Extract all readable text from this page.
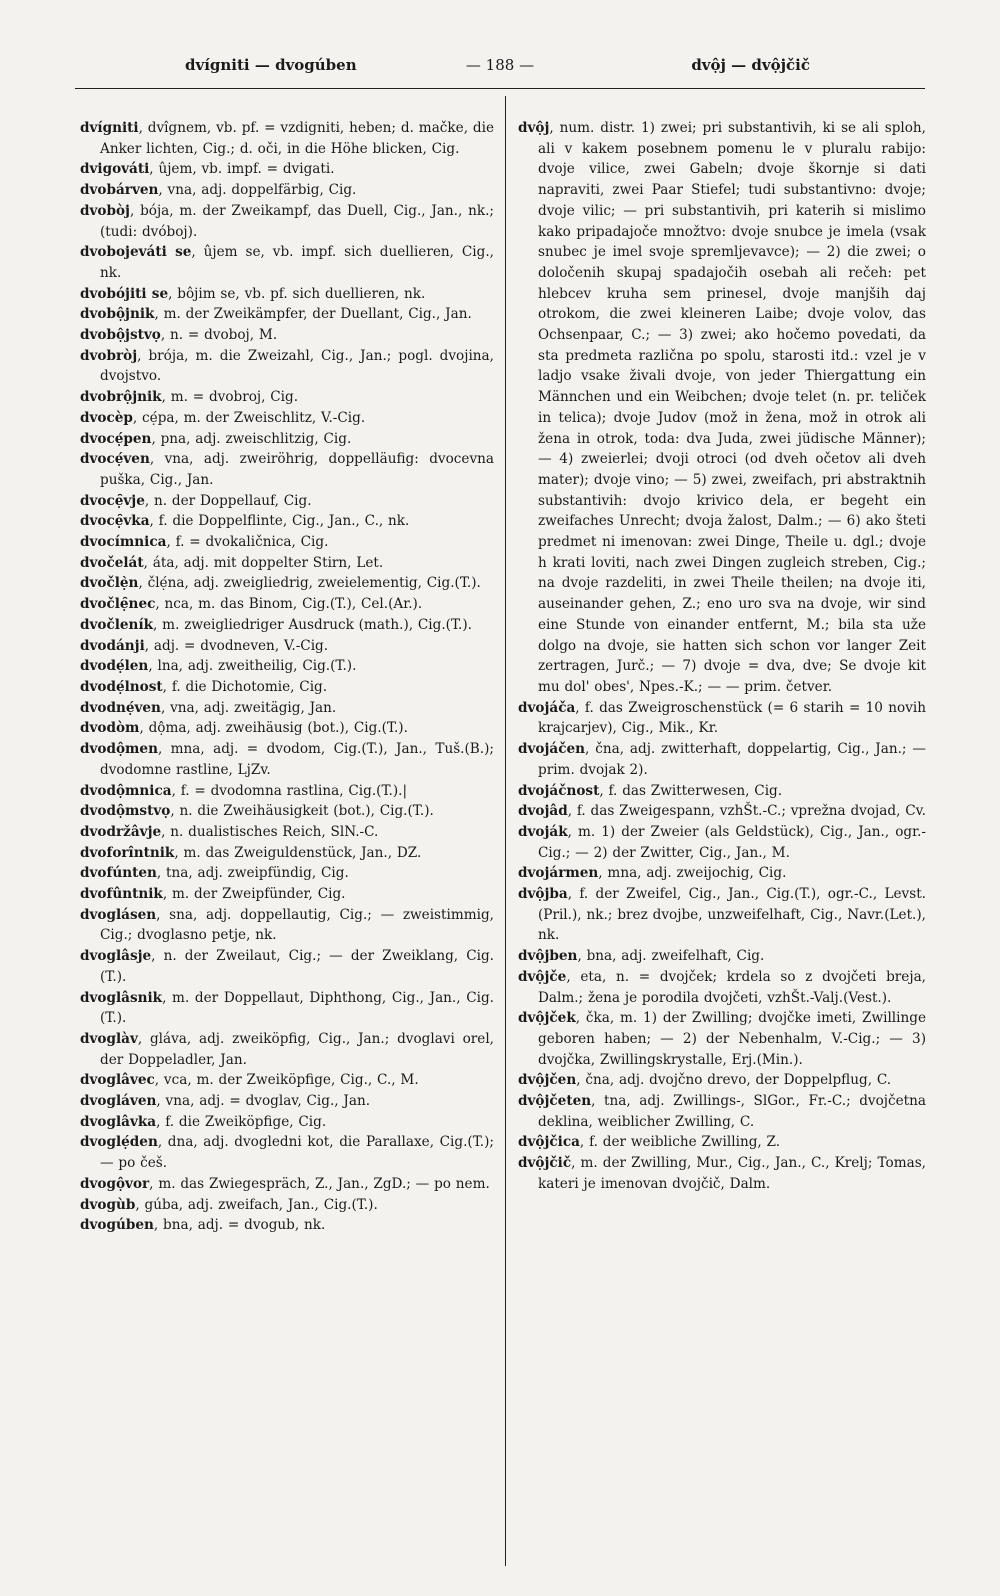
dvígniti — dvogúben	— 188 —	dvộj — dvộjčič

dvígniti, dvîgnem, vb. pf. = vzdigniti, heben; d. mačke, die Anker lichten, Cig.; d. oči, in die Höhe blicken, Cig.

dvigováti, ûjem, vb. impf. = dvigati.

dvobárven, vna, adj. doppelfärbig, Cig.

dvobòj, bója, m. der Zweikampf, das Duell, Cig., Jan., nk.; (tudi: dvóboj).

dvobojeváti se, ûjem se, vb. impf. sich duellieren, Cig., nk.

dvobójiti se, bôjim se, vb. pf. sich duellieren, nk.

dvobộjnik, m. der Zweikämpfer, der Duellant, Cig., Jan.

dvobộjstvọ, n. = dvoboj, M.

dvobròj, brója, m. die Zweizahl, Cig., Jan.; pogl. dvojina, dvojstvo.

dvobrộjnik, m. = dvobroj, Cig.

dvocèp, cẹ́pa, m. der Zweischlitz, V.-Cig.

dvocẹ́pen, pna, adj. zweischlitzig, Cig.

dvocẹ́ven, vna, adj. zweiröhrig, doppelläufig: dvocevna puška, Cig., Jan.

dvocẹ̑vje, n. der Doppellauf, Cig.

dvocẹ̑vka, f. die Doppelflinte, Cig., Jan., C., nk.

dvocímnica, f. = dvokaličnica, Cig.

dvočelát, áta, adj. mit doppelter Stirn, Let.

dvočlẹ̀n, člẹ́na, adj. zweigliedrig, zweielementig, Cig.(T.).

dvočlẹ̑nec, nca, m. das Binom, Cig.(T.), Cel.(Ar.).

dvočleník, m. zweigliedriger Ausdruck (math.), Cig.(T.).

dvodánji, adj. = dvodneven, V.-Cig.

dvodẹ́len, lna, adj. zweitheilig, Cig.(T.).

dvodẹ́lnost, f. die Dichotomie, Cig.

dvodnẹ́ven, vna, adj. zweitägig, Jan.

dvodòm, dộma, adj. zweihäusig (bot.), Cig.(T.).

dvodộmen, mna, adj. = dvodom, Cig.(T.), Jan., Tuš.(B.); dvodomne rastline, LjZv.

dvodộmnica, f. = dvodomna rastlina, Cig.(T.).|

dvodộmstvọ, n. die Zweihäusigkeit (bot.), Cig.(T.).

dvodržâvje, n. dualistisches Reich, SlN.-C.

dvoforîntnik, m. das Zweiguldenstück, Jan., DZ.

dvofúnten, tna, adj. zweipfündig, Cig.

dvofûntnik, m. der Zweipfünder, Cig.

dvoglásen, sna, adj. doppellautig, Cig.; — zweistimmig, Cig.; dvoglasno petje, nk.

dvoglâsje, n. der Zweilaut, Cig.; — der Zweiklang, Cig.(T.).

dvoglâsnik, m. der Doppellaut, Diphthong, Cig., Jan., Cig.(T.).

dvoglàv, gláva, adj. zweiköpfig, Cig., Jan.; dvoglavi orel, der Doppeladler, Jan.

dvoglâvec, vca, m. der Zweiköpfige, Cig., C., M.

dvogláven, vna, adj. = dvoglav, Cig., Jan.

dvoglâvka, f. die Zweiköpfige, Cig.

dvoglẹ́den, dna, adj. dvogledni kot, die Parallaxe, Cig.(T.); — po češ.

dvogộvor, m. das Zwiegespräch, Z., Jan., ZgD.; — po nem.

dvogùb, gúba, adj. zweifach, Jan., Cig.(T.).

dvogúben, bna, adj. = dvogub, nk.

dvộj, num. distr. 1) zwei; pri substantivih, ki se ali sploh, ali v kakem posebnem pomenu le v pluralu rabijo: dvoje vilice, zwei Gabeln; dvoje škornje si dati napraviti, zwei Paar Stiefel; tudi substantivno: dvoje; dvoje vilic; — pri substantivih, pri katerih si mislimo kako pripadajoče množtvo: dvoje snubce je imela (vsak snubec je imel svoje spremljevavce); — 2) die zwei; o določenih skupaj spadajočih osebah ali rečeh: pet hlebcev kruha sem prinesel, dvoje manjših daj otrokom, die zwei kleineren Laibe; dvoje volov, das Ochsenpaar, C.; — 3) zwei; ako hočemo povedati, da sta predmeta različna po spolu, starosti itd.: vzel je v ladjo vsake živali dvoje, von jeder Thiergattung ein Männchen und ein Weibchen; dvoje telet (n. pr. teliček in telica); dvoje Judov (mož in žena, mož in otrok ali žena in otrok, toda: dva Juda, zwei jüdische Männer); — 4) zweierlei; dvoji otroci (od dveh očetov ali dveh mater); dvoje vino; — 5) zwei, zweifach, pri abstraktnih substantivih: dvojo krivico dela, er begeht ein zweifaches Unrecht; dvoja žalost, Dalm.; — 6) ako šteti predmet ni imenovan: zwei Dinge, Theile u. dgl.; dvoje h krati loviti, nach zwei Dingen zugleich streben, Cig.; na dvoje razdeliti, in zwei Theile theilen; na dvoje iti, auseinander gehen, Z.; eno uro sva na dvoje, wir sind eine Stunde von einander entfernt, M.; bila sta uže dolgo na dvoje, sie hatten sich schon vor langer Zeit zertragen, Jurč.; — 7) dvoje = dva, dve; Se dvoje kit mu dol' obes', Npes.-K.; — — prim. četver.

dvojáča, f. das Zweigroschenstück (= 6 starih = 10 novih krajcarjev), Cig., Mik., Kr.

dvojáčen, čna, adj. zwitterhaft, doppelartig, Cig., Jan.; — prim. dvojak 2).

dvojáčnost, f. das Zwitterwesen, Cig.

dvojâd, f. das Zweigespann, vzhŠt.-C.; vprežna dvojad, Cv.

dvoják, m. 1) der Zweier (als Geldstück), Cig., Jan., ogr.-Cig.; — 2) der Zwitter, Cig., Jan., M.

dvojármen, mna, adj. zweijochig, Cig.

dvộjba, f. der Zweifel, Cig., Jan., Cig.(T.), ogr.-C., Levst.(Pril.), nk.; brez dvojbe, unzweifelhaft, Cig., Navr.(Let.), nk.

dvộjben, bna, adj. zweifelhaft, Cig.

dvộjče, eta, n. = dvojček; krdela so z dvojčeti breja, Dalm.; žena je porodila dvojčeti, vzhŠt.-Valj.(Vest.).

dvộjček, čka, m. 1) der Zwilling; dvojčke imeti, Zwillinge geboren haben; — 2) der Nebenhalm, V.-Cig.; — 3) dvojčka, Zwillingskrystalle, Erj.(Min.).

dvộjčen, čna, adj. dvojčno drevo, der Doppelpflug, C.

dvộjčeten, tna, adj. Zwillings-, SlGor., Fr.-C.; dvojčetna deklina, weiblicher Zwilling, C.

dvộjčica, f. der weibliche Zwilling, Z.

dvộjčič, m. der Zwilling, Mur., Cig., Jan., C., Krelj; Tomas, kateri je imenovan dvojčič, Dalm.
